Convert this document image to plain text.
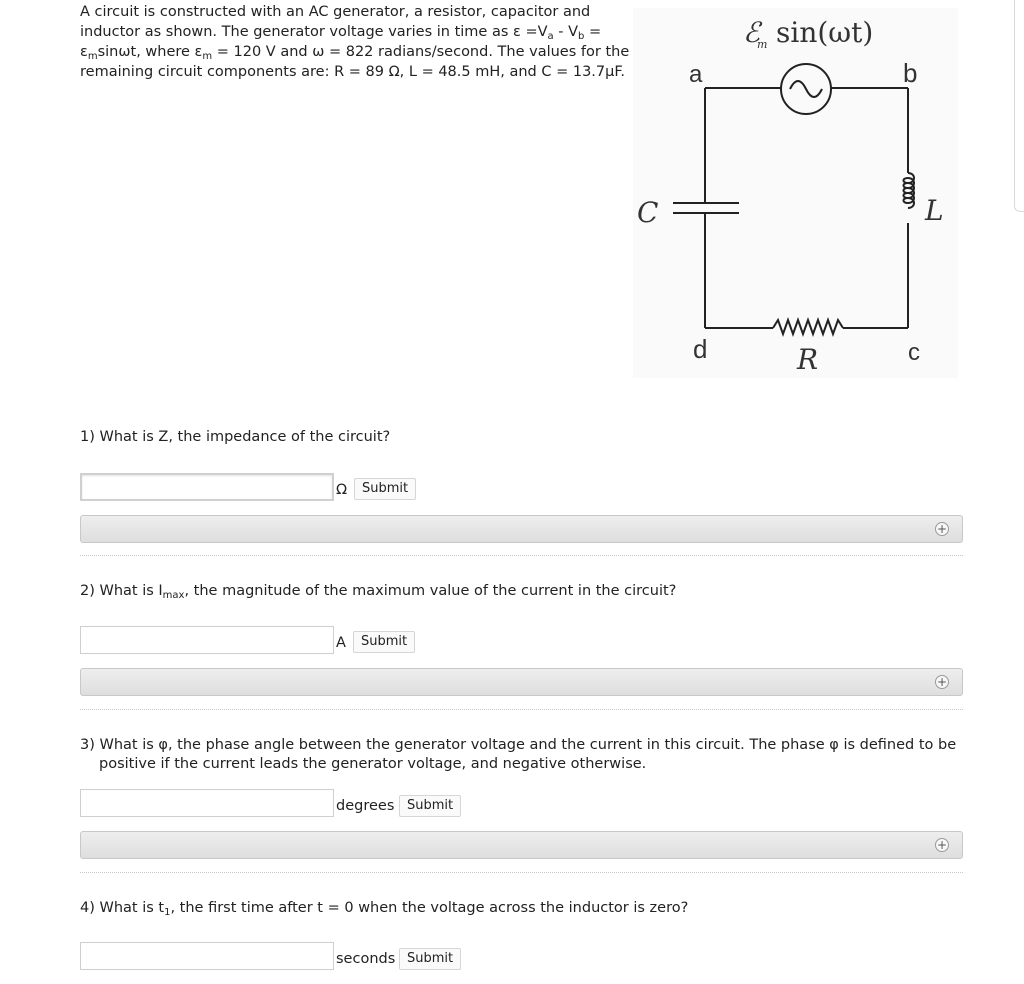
A circuit is constructed with an AC generator, a resistor, capacitor and inductor as shown. The generator voltage varies in time as $\varepsilon =V_a - V_b = \varepsilon_m\sin\omega t$, where $\varepsilon_m = 120$ V and ω = 822 radians/second. The values for the remaining circuit components are: R = 89 Ω, L = 48.5 mH, and C = 13.7μF.
ℰ
m sin(ωt)
a	b
c
d
C	L
R
1) What is Z, the impedance of the circuit?
Ω	Submit
+
2) What is $I_{max}$, the magnitude of the maximum value of the current in the circuit?
A	Submit
+
3) What is φ, the phase angle between the generator voltage and the current in this circuit. The phase φ is defined to be positive if the current leads the generator voltage, and negative otherwise.
degrees Submit
+
4) What is $t_1$, the first time after t = 0 when the voltage across the inductor is zero?
seconds Submit
